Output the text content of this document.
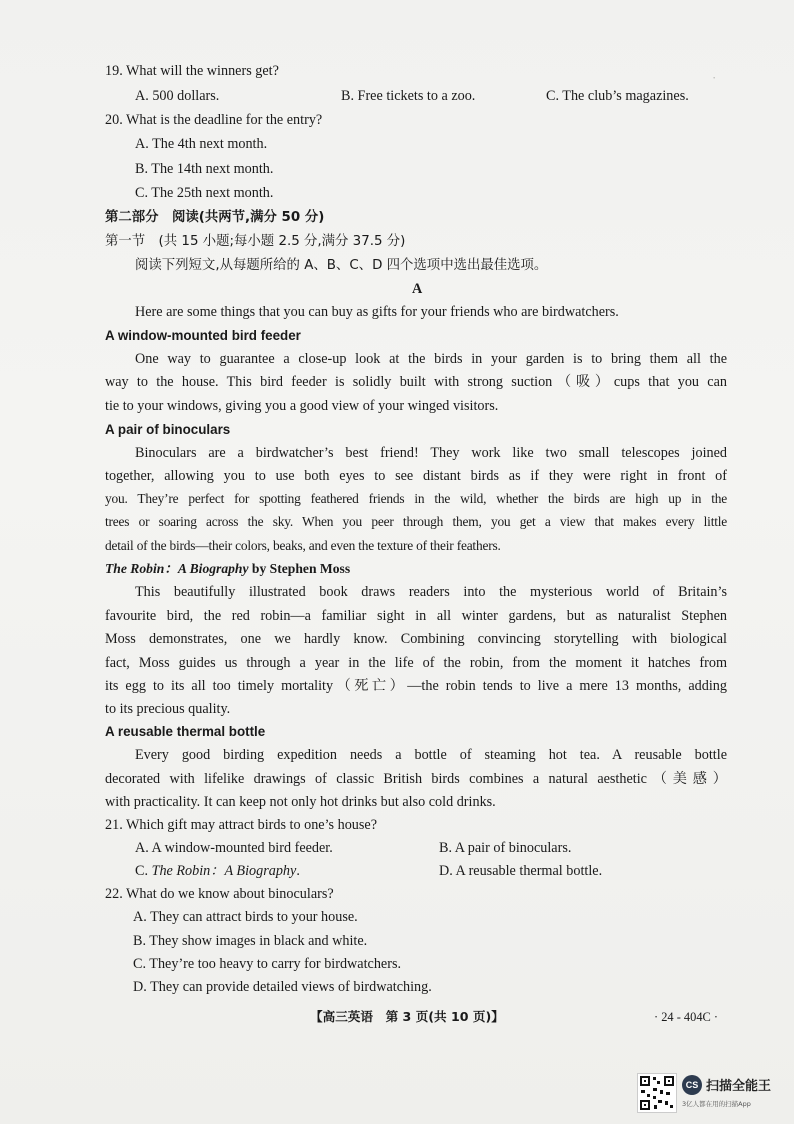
·
19. What will the winners get?
A. 500 dollars.	B. Free tickets to a zoo.	C. The club’s magazines.
20. What is the deadline for the entry?
A. The 4th next month.
B. The 14th next month.
C. The 25th next month.
第二部分　阅读(共两节,满分 50 分)
第一节　(共 15 小题;每小题 2.5 分,满分 37.5 分)
阅读下列短文,从每题所给的 A、B、C、D 四个选项中选出最佳选项。
A
Here are some things that you can buy as gifts for your friends who are birdwatchers.
A window-mounted bird feeder
One way to guarantee a close-up look at the birds in your garden is to bring them all the
way to the house. This bird feeder is solidly built with strong suction（吸）cups that you can
tie to your windows, giving you a good view of your winged visitors.
A pair of binoculars
Binoculars are a birdwatcher’s best friend! They work like two small telescopes joined
together, allowing you to use both eyes to see distant birds as if they were right in front of
you. They’re perfect for spotting feathered friends in the wild, whether the birds are high up in the
trees or soaring across the sky. When you peer through them, you get a view that makes every little
detail of the birds—their colors, beaks, and even the texture of their feathers.
The Robin：A Biography by Stephen Moss
This beautifully illustrated book draws readers into the mysterious world of Britain’s
favourite bird, the red robin—a familiar sight in all winter gardens, but as naturalist Stephen
Moss demonstrates, one we hardly know. Combining convincing storytelling with biological
fact, Moss guides us through a year in the life of the robin, from the moment it hatches from
its egg to its all too timely mortality（死亡）—the robin tends to live a mere 13 months, adding
to its precious quality.
A reusable thermal bottle
Every good birding expedition needs a bottle of steaming hot tea. A reusable bottle
decorated with lifelike drawings of classic British birds combines a natural aesthetic（美感）
with practicality. It can keep not only hot drinks but also cold drinks.
21. Which gift may attract birds to one’s house?
A. A window-mounted bird feeder.	B. A pair of binoculars.
C. The Robin：A Biography.	D. A reusable thermal bottle.
22. What do we know about binoculars?
A. They can attract birds to your house.
B. They show images in black and white.
C. They’re too heavy to carry for birdwatchers.
D. They can provide detailed views of birdwatching.
【高三英语　第 3 页(共 10 页)】	· 24 - 404C ·
CS 扫描全能王
3亿人都在用的扫描App
